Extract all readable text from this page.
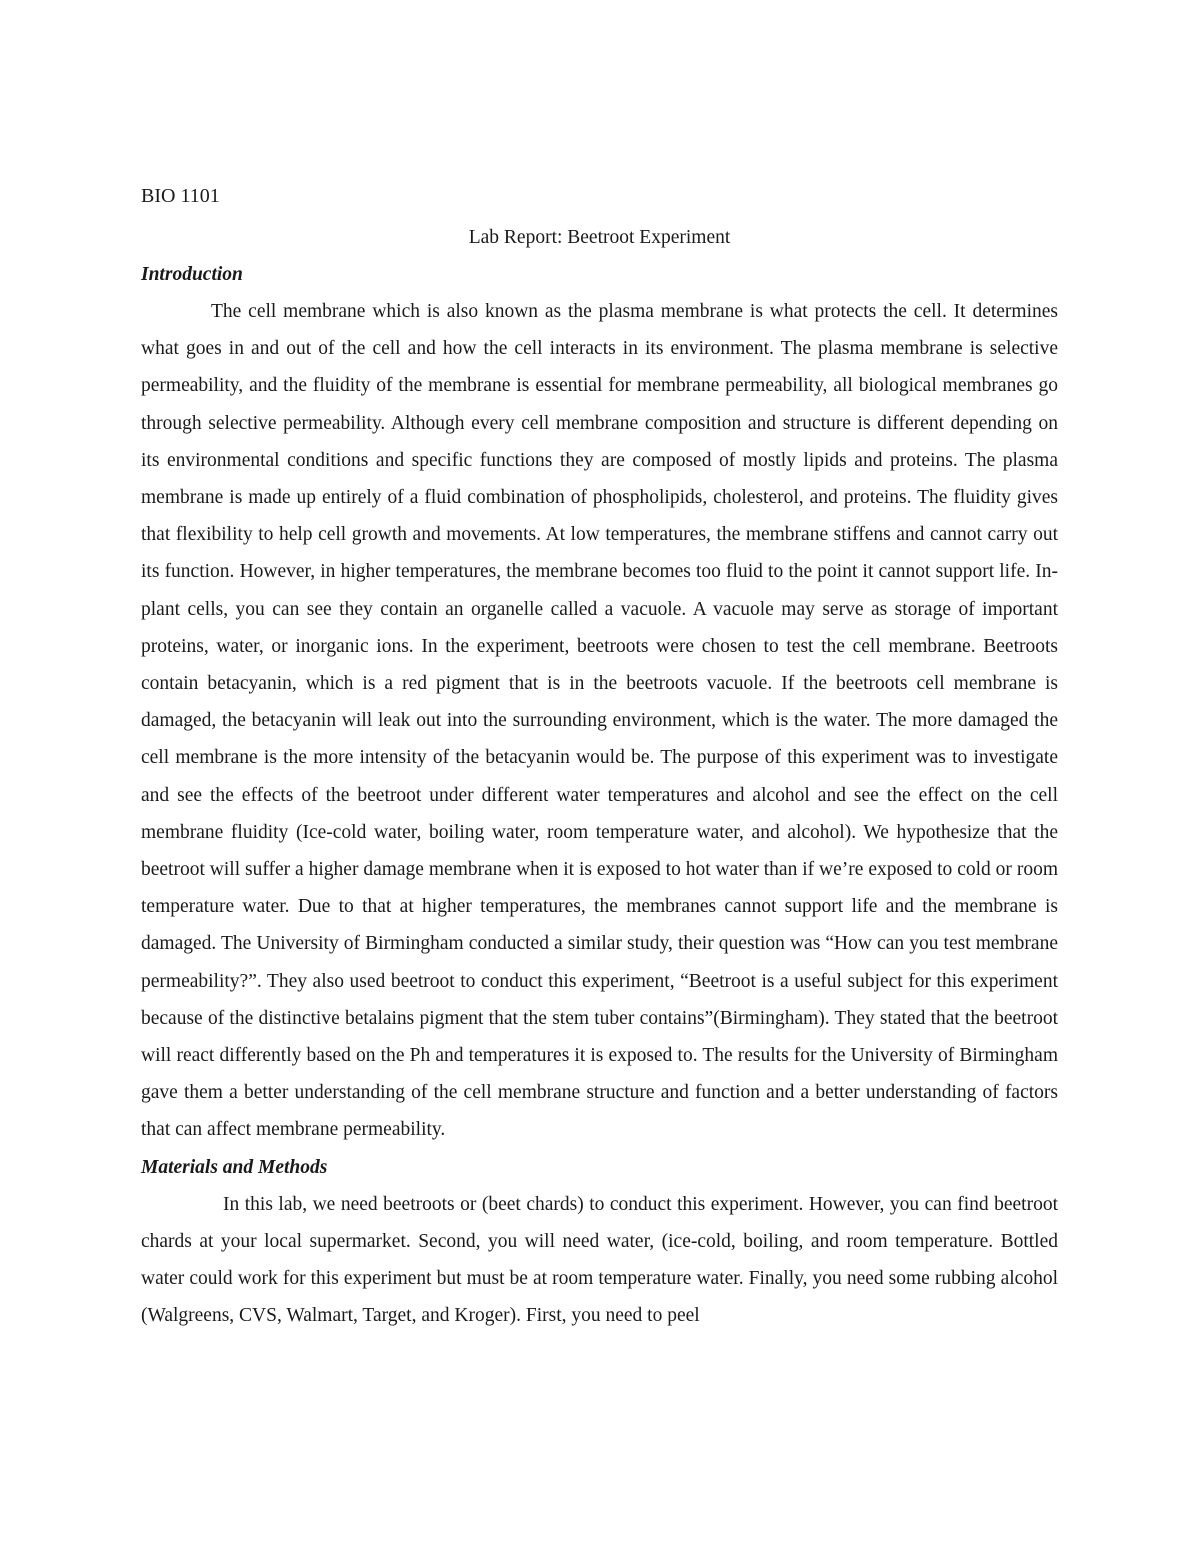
BIO 1101

Lab Report: Beetroot Experiment
Introduction

The cell membrane which is also known as the plasma membrane is what protects the cell. It determines what goes in and out of the cell and how the cell interacts in its environment. The plasma membrane is selective permeability, and the fluidity of the membrane is essential for membrane permeability, all biological membranes go through selective permeability. Although every cell membrane composition and structure is different depending on its environmental conditions and specific functions they are composed of mostly lipids and proteins. The plasma membrane is made up entirely of a fluid combination of phospholipids, cholesterol, and proteins. The fluidity gives that flexibility to help cell growth and movements. At low temperatures, the membrane stiffens and cannot carry out its function. However, in higher temperatures, the membrane becomes too fluid to the point it cannot support life. In-plant cells, you can see they contain an organelle called a vacuole. A vacuole may serve as storage of important proteins, water, or inorganic ions. In the experiment, beetroots were chosen to test the cell membrane. Beetroots contain betacyanin, which is a red pigment that is in the beetroots vacuole. If the beetroots cell membrane is damaged, the betacyanin will leak out into the surrounding environment, which is the water. The more damaged the cell membrane is the more intensity of the betacyanin would be. The purpose of this experiment was to investigate and see the effects of the beetroot under different water temperatures and alcohol and see the effect on the cell membrane fluidity (Ice-cold water, boiling water, room temperature water, and alcohol). We hypothesize that the beetroot will suffer a higher damage membrane when it is exposed to hot water than if we’re exposed to cold or room temperature water. Due to that at higher temperatures, the membranes cannot support life and the membrane is damaged. The University of Birmingham conducted a similar study, their question was “How can you test membrane permeability?”. They also used beetroot to conduct this experiment, “Beetroot is a useful subject for this experiment because of the distinctive betalains pigment that the stem tuber contains”(Birmingham). They stated that the beetroot will react differently based on the Ph and temperatures it is exposed to. The results for the University of Birmingham gave them a better understanding of the cell membrane structure and function and a better understanding of factors that can affect membrane permeability.

Materials and Methods

In this lab, we need beetroots or (beet chards) to conduct this experiment. However, you can find beetroot chards at your local supermarket. Second, you will need water, (ice-cold, boiling, and room temperature. Bottled water could work for this experiment but must be at room temperature water. Finally, you need some rubbing alcohol (Walgreens, CVS, Walmart, Target, and Kroger). First, you need to peel
